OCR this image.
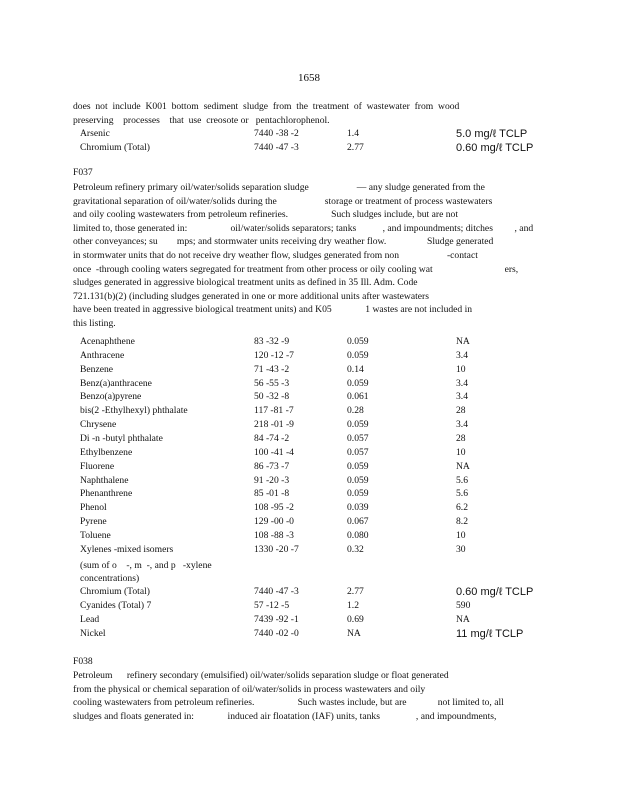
1658
does  not  include  K001  bottom  sediment  sludge  from  the  treatment  of  wastewater  from  wood
preserving    processes    that  use  creosote or   pentachlorophenol.
Arsenic	7440 -38 -2	1.4	5.0 mg/ℓ TCLP
Chromium (Total)	7440 -47 -3	2.77	0.60 mg/ℓ TCLP
F037
Petroleum refinery primary oil/water/solids separation sludge                    — any sludge generated from the
gravitational separation of oil/water/solids during the                    storage or treatment of process wastewaters
and oily cooling wastewaters from petroleum refineries.                  Such sludges include, but are not
limited to, those generated in:                  oil/water/solids separators; tanks           , and impoundments; ditches         , and
other conveyances; su        mps; and stormwater units receiving dry weather flow.                 Sludge generated
in stormwater units that do not receive dry weather flow, sludges generated from non                    -contact
once  -through cooling waters segregated for treatment from other process or oily cooling wat                              ers,
sludges generated in aggressive biological treatment units as defined in 35 Ill. Adm. Code
721.131(b)(2) (including sludges generated in one or more additional units after wastewaters
have been treated in aggressive biological treatment units) and K05              1 wastes are not included in
this listing.
Acenaphthene	83 -32 -9	0.059	NA
Anthracene	120 -12 -7	0.059	3.4
Benzene	71 -43 -2	0.14	10
Benz(a)anthracene	56 -55 -3	0.059	3.4
Benzo(a)pyrene	50 -32 -8	0.061	3.4
bis(2 -Ethylhexyl) phthalate	117 -81 -7	0.28	28
Chrysene	218 -01 -9	0.059	3.4
Di -n -butyl phthalate	84 -74 -2	0.057	28
Ethylbenzene	100 -41 -4	0.057	10
Fluorene	86 -73 -7	0.059	NA
Naphthalene	91 -20 -3	0.059	5.6
Phenanthrene	85 -01 -8	0.059	5.6
Phenol	108 -95 -2	0.039	6.2
Pyrene	129 -00 -0	0.067	8.2
Toluene	108 -88 -3	0.080	10
Xylenes -mixed isomers	1330 -20 -7	0.32	30
(sum of o    -, m  -, and p   -xylene
concentrations)
Chromium (Total)	7440 -47 -3	2.77	0.60 mg/ℓ TCLP
Cyanides (Total) 7	57 -12 -5	1.2	590
Lead	7439 -92 -1	0.69	NA
Nickel	7440 -02 -0	NA	11 mg/ℓ TCLP
F038
Petroleum      refinery secondary (emulsified) oil/water/solids separation sludge or float generated
from the physical or chemical separation of oil/water/solids in process wastewaters and oily
cooling wastewaters from petroleum refineries.                  Such wastes include, but are             not limited to, all
sludges and floats generated in:              induced air floatation (IAF) units, tanks               , and impoundments,
